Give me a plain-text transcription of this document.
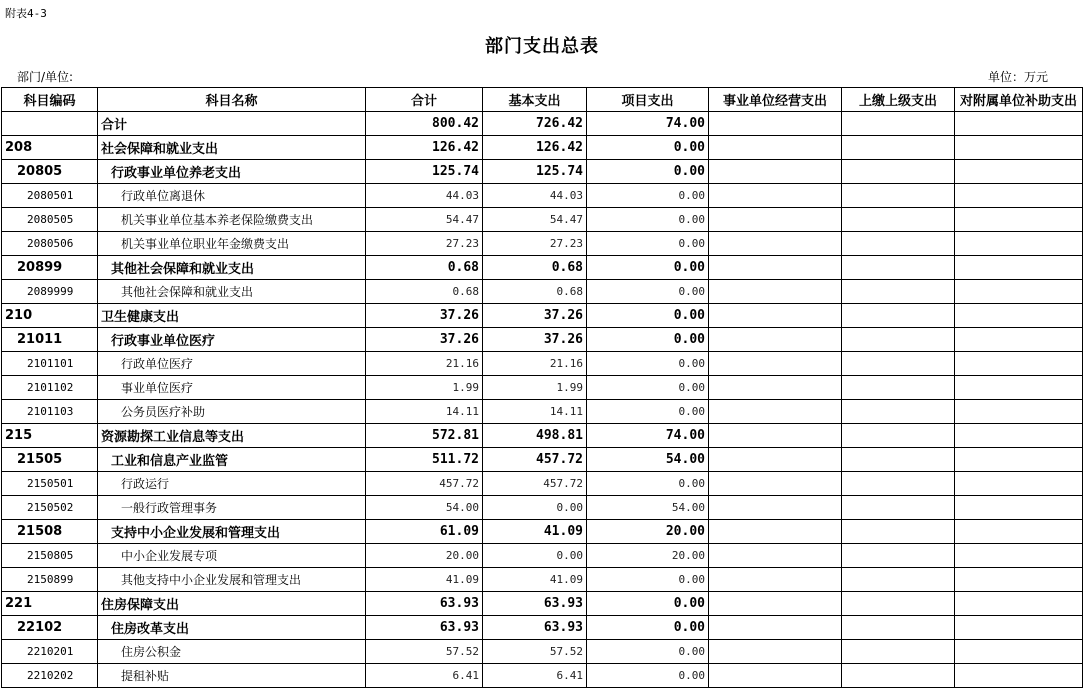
附表4-3
部门支出总表
部门/单位:	单位：万元
科目编码	科目名称	合计	基本支出	项目支出	事业单位经营支出	上缴上级支出	对附属单位补助支出
	合计	800.42	726.42	74.00			
208	社会保障和就业支出	126.42	126.42	0.00			
20805	行政事业单位养老支出	125.74	125.74	0.00			
2080501	行政单位离退休	44.03	44.03	0.00			
2080505	机关事业单位基本养老保险缴费支出	54.47	54.47	0.00			
2080506	机关事业单位职业年金缴费支出	27.23	27.23	0.00			
20899	其他社会保障和就业支出	0.68	0.68	0.00			
2089999	其他社会保障和就业支出	0.68	0.68	0.00			
210	卫生健康支出	37.26	37.26	0.00			
21011	行政事业单位医疗	37.26	37.26	0.00			
2101101	行政单位医疗	21.16	21.16	0.00			
2101102	事业单位医疗	1.99	1.99	0.00			
2101103	公务员医疗补助	14.11	14.11	0.00			
215	资源勘探工业信息等支出	572.81	498.81	74.00			
21505	工业和信息产业监管	511.72	457.72	54.00			
2150501	行政运行	457.72	457.72	0.00			
2150502	一般行政管理事务	54.00	0.00	54.00			
21508	支持中小企业发展和管理支出	61.09	41.09	20.00			
2150805	中小企业发展专项	20.00	0.00	20.00			
2150899	其他支持中小企业发展和管理支出	41.09	41.09	0.00			
221	住房保障支出	63.93	63.93	0.00			
22102	住房改革支出	63.93	63.93	0.00			
2210201	住房公积金	57.52	57.52	0.00			
2210202	提租补贴	6.41	6.41	0.00			
